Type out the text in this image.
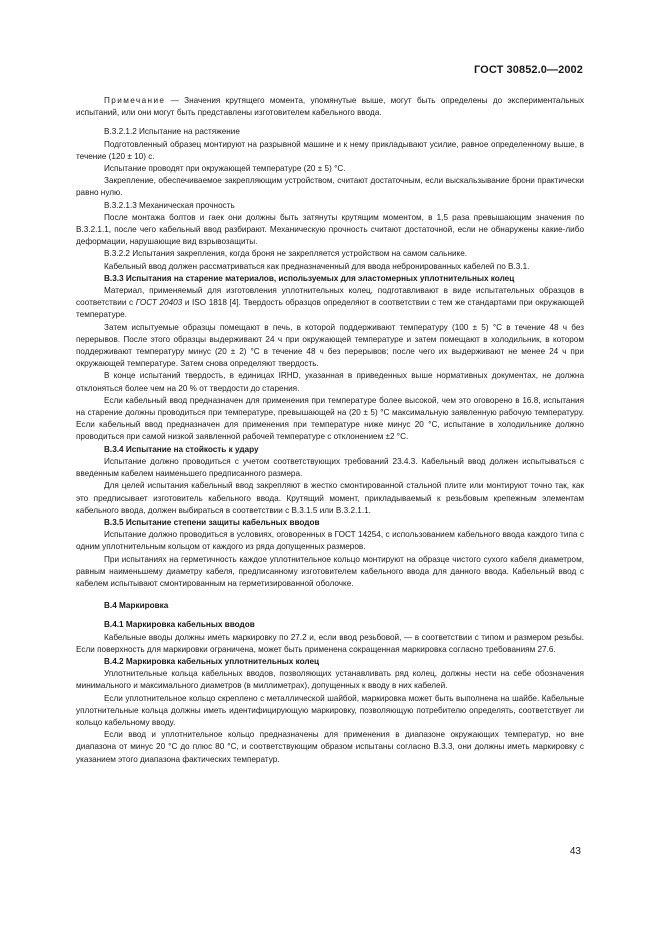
ГОСТ 30852.0—2002

Примечание — Значения крутящего момента, упомянутые выше, могут быть определены до экспериментальных испытаний, или они могут быть представлены изготовителем кабельного ввода.

В.3.2.1.2 Испытание на растяжение

Подготовленный образец монтируют на разрывной машине и к нему прикладывают усилие, равное определенному выше, в течение (120 ± 10) с.

Испытание проводят при окружающей температуре (20 ± 5) °С.

Закрепление, обеспечиваемое закрепляющим устройством, считают достаточным, если выскальзывание брони практически равно нулю.

В.3.2.1.3 Механическая прочность

После монтажа болтов и гаек они должны быть затянуты крутящим моментом, в 1,5 раза превышающим значения по В.3.2.1.1, после чего кабельный ввод разбирают. Механическую прочность считают достаточной, если не обнаружены какие-либо деформации, нарушающие вид взрывозащиты.

В.3.2.2 Испытания закрепления, когда броня не закрепляется устройством на самом сальнике.

Кабельный ввод должен рассматриваться как предназначенный для ввода небронированных кабелей по В.3.1.

В.3.3 Испытания на старение материалов, используемых для эластомерных уплотнительных колец

Материал, применяемый для изготовления уплотнительных колец, подготавливают в виде испытательных образцов в соответствии с ГОСТ 20403 и ISO 1818 [4]. Твердость образцов определяют в соответствии с тем же стандартами при окружающей температуре.

Затем испытуемые образцы помещают в печь, в которой поддерживают температуру (100 ± 5) °С в течение 48 ч без перерывов. После этого образцы выдерживают 24 ч при окружающей температуре и затем помещают в холодильник, в котором поддерживают температуру минус (20 ± 2) °С в течение 48 ч без перерывов; после чего их выдерживают не менее 24 ч при окружающей температуре. Затем снова определяют твердость.

В конце испытаний твердость, в единицах IRHD, указанная в приведенных выше нормативных документах, не должна отклоняться более чем на 20 % от твердости до старения.

Если кабельный ввод предназначен для применения при температуре более высокой, чем это оговорено в 16.8, испытания на старение должны проводиться при температуре, превышающей на (20 ± 5) °С максимальную заявленную рабочую температуру. Если кабельный ввод предназначен для применения при температуре ниже минус 20 °С, испытание в холодильнике должно проводиться при самой низкой заявленной рабочей температуре с отклонением ±2 °С.

В.3.4 Испытание на стойкость к удару

Испытание должно проводиться с учетом соответствующих требований 23.4.3. Кабельный ввод должен испытываться с введенным кабелем наименьшего предписанного размера.

Для целей испытания кабельный ввод закрепляют в жестко смонтированной стальной плите или монтируют точно так, как это предписывает изготовитель кабельного ввода. Крутящий момент, прикладываемый к резьбовым крепежным элементам кабельного ввода, должен выбираться в соответствии с В.3.1.5 или В.3.2.1.1.

В.3.5 Испытание степени защиты кабельных вводов

Испытание должно проводиться в условиях, оговоренных в ГОСТ 14254, с использованием кабельного ввода каждого типа с одним уплотнительным кольцом от каждого из ряда допущенных размеров.

При испытаниях на герметичность каждое уплотнительное кольцо монтируют на образце чистого сухого кабеля диаметром, равным наименьшему диаметру кабеля, предписанному изготовителем кабельного ввода для данного ввода. Кабельный ввод с кабелем испытывают смонтированным на герметизированной оболочке.

В.4 Маркировка

В.4.1 Маркировка кабельных вводов

Кабельные вводы должны иметь маркировку по 27.2 и, если ввод резьбовой, — в соответствии с типом и размером резьбы. Если поверхность для маркировки ограничена, может быть применена сокращенная маркировка согласно требованиям 27.6.

В.4.2 Маркировка кабельных уплотнительных колец

Уплотнительные кольца кабельных вводов, позволяющих устанавливать ряд колец, должны нести на себе обозначения минимального и максимального диаметров (в миллиметрах), допущенных к вводу в них кабелей.

Если уплотнительное кольцо скреплено с металлической шайбой, маркировка может быть выполнена на шайбе. Кабельные уплотнительные кольца должны иметь идентифицирующую маркировку, позволяющую потребителю определять, соответствует ли кольцо кабельному вводу.

Если ввод и уплотнительное кольцо предназначены для применения в диапазоне окружающих температур, но вне диапазона от минус 20 °С до плюс 80 °С, и соответствующим образом испытаны согласно В.3.3, они должны иметь маркировку с указанием этого диапазона фактических температур.

43
